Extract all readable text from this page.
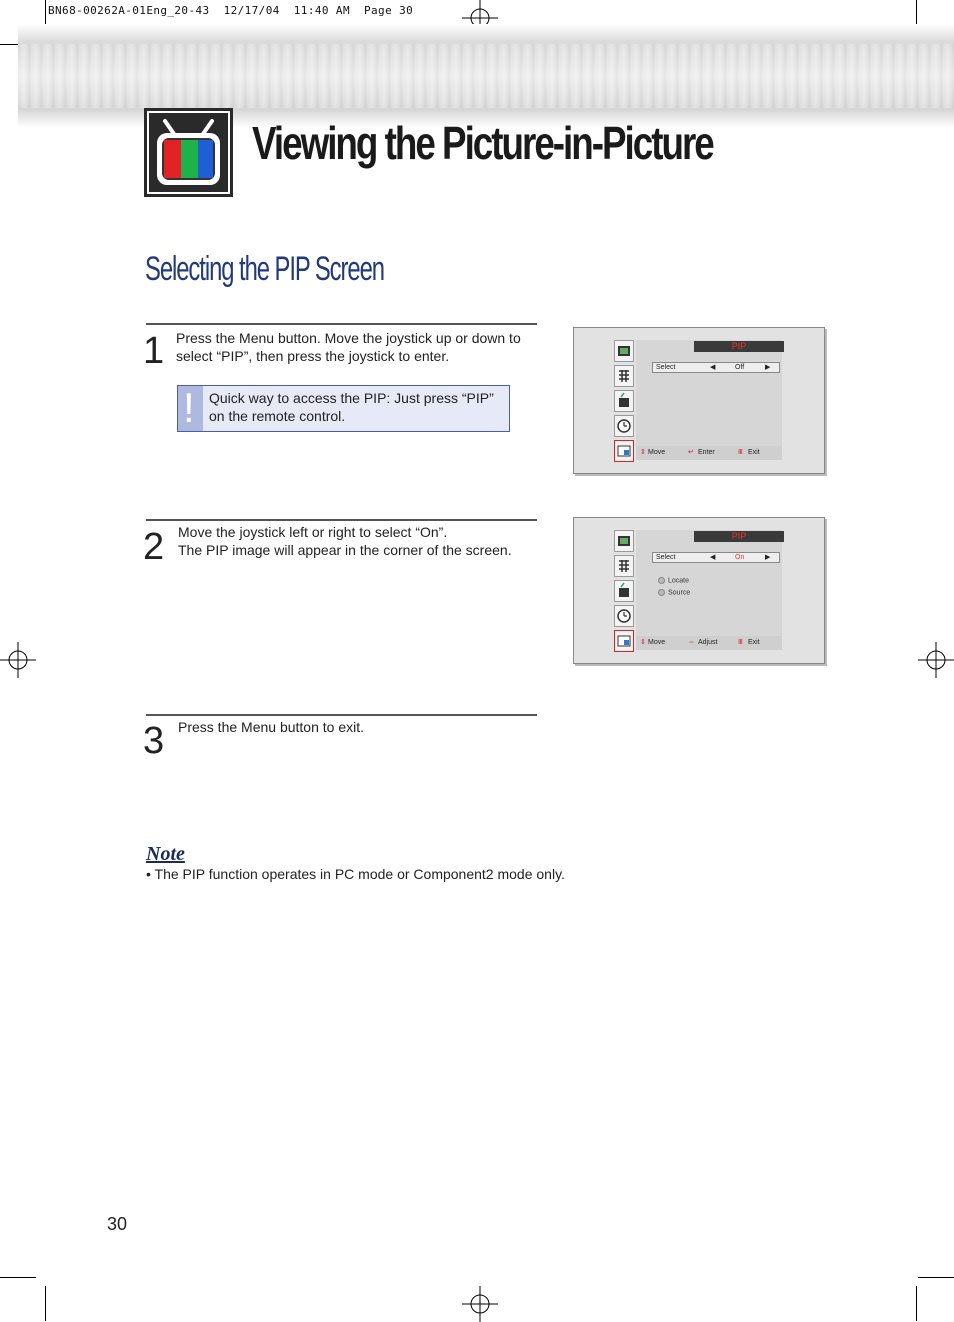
BN68-00262A-01Eng_20-43  12/17/04  11:40 AM  Page 30
Viewing the Picture-in-Picture
Selecting the PIP Screen
1 Press the Menu button. Move the joystick up or down to select “PIP”, then press the joystick to enter.
! Quick way to access the PIP: Just press “PIP” on the remote control.
PIP
Select	◀	Off	▶
⇕ Move	↵ Enter	Ⅲ Exit
2 Move the joystick left or right to select “On”.
The PIP image will appear in the corner of the screen.
PIP
Select	◀	On	▶
Locate
Source
⇕ Move	⇔ Adjust	Ⅲ Exit
3 Press the Menu button to exit.
Note
• The PIP function operates in PC mode or Component2 mode only.
30
